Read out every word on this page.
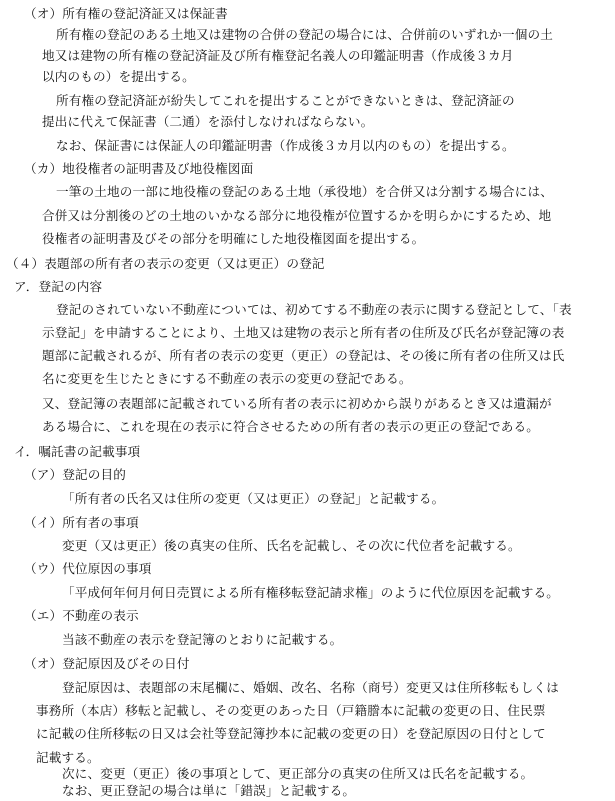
（オ）所有権の登記済証又は保証書
所有権の登記のある土地又は建物の合併の登記の場合には、合併前のいずれか一個の土
地又は建物の所有権の登記済証及び所有権登記名義人の印鑑証明書（作成後３カ月
以内のもの）を提出する。
所有権の登記済証が紛失してこれを提出することができないときは、登記済証の
提出に代えて保証書（二通）を添付しなければならない。
なお、保証書には保証人の印鑑証明書（作成後３カ月以内のもの）を提出する。
（カ）地役権者の証明書及び地役権図面
一筆の土地の一部に地役権の登記のある土地（承役地）を合併又は分割する場合には、
合併又は分割後のどの土地のいかなる部分に地役権が位置するかを明らかにするため、地
役権者の証明書及びその部分を明確にした地役権図面を提出する。
（４）表題部の所有者の表示の変更（又は更正）の登記
ア．登記の内容
登記のされていない不動産については、初めてする不動産の表示に関する登記として、「表
示登記」を申請することにより、土地又は建物の表示と所有者の住所及び氏名が登記簿の表
題部に記載されるが、所有者の表示の変更（更正）の登記は、その後に所有者の住所又は氏
名に変更を生じたときにする不動産の表示の変更の登記である。
又、登記簿の表題部に記載されている所有者の表示に初めから誤りがあるとき又は遺漏が
ある場合に、これを現在の表示に符合させるための所有者の表示の更正の登記である。
イ．嘱託書の記載事項
（ア）登記の目的
「所有者の氏名又は住所の変更（又は更正）の登記」と記載する。
（イ）所有者の事項
変更（又は更正）後の真実の住所、氏名を記載し、その次に代位者を記載する。
（ウ）代位原因の事項
「平成何年何月何日売買による所有権移転登記請求権」のように代位原因を記載する。
（エ）不動産の表示
当該不動産の表示を登記簿のとおりに記載する。
（オ）登記原因及びその日付
登記原因は、表題部の末尾欄に、婚姻、改名、名称（商号）変更又は住所移転もしくは
事務所（本店）移転と記載し、その変更のあった日（戸籍謄本に記載の変更の日、住民票
に記載の住所移転の日又は会社等登記簿抄本に記載の変更の日）を登記原因の日付として
記載する。
次に、変更（更正）後の事項として、更正部分の真実の住所又は氏名を記載する。
なお、更正登記の場合は単に「錯誤」と記載する。
